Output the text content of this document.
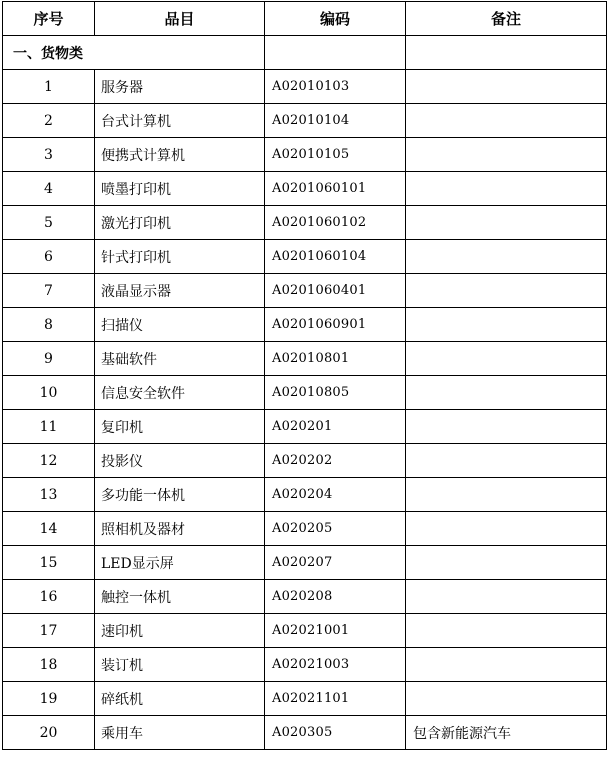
序号	品目	编码	备注
一、货物类			
1	服务器	A02010103	
2	台式计算机	A02010104	
3	便携式计算机	A02010105	
4	喷墨打印机	A0201060101	
5	激光打印机	A0201060102	
6	针式打印机	A0201060104	
7	液晶显示器	A0201060401	
8	扫描仪	A0201060901	
9	基础软件	A02010801	
10	信息安全软件	A02010805	
11	复印机	A020201	
12	投影仪	A020202	
13	多功能一体机	A020204	
14	照相机及器材	A020205	
15	LED显示屏	A020207	
16	触控一体机	A020208	
17	速印机	A02021001	
18	装订机	A02021003	
19	碎纸机	A02021101	
20	乘用车	A020305	包含新能源汽车
